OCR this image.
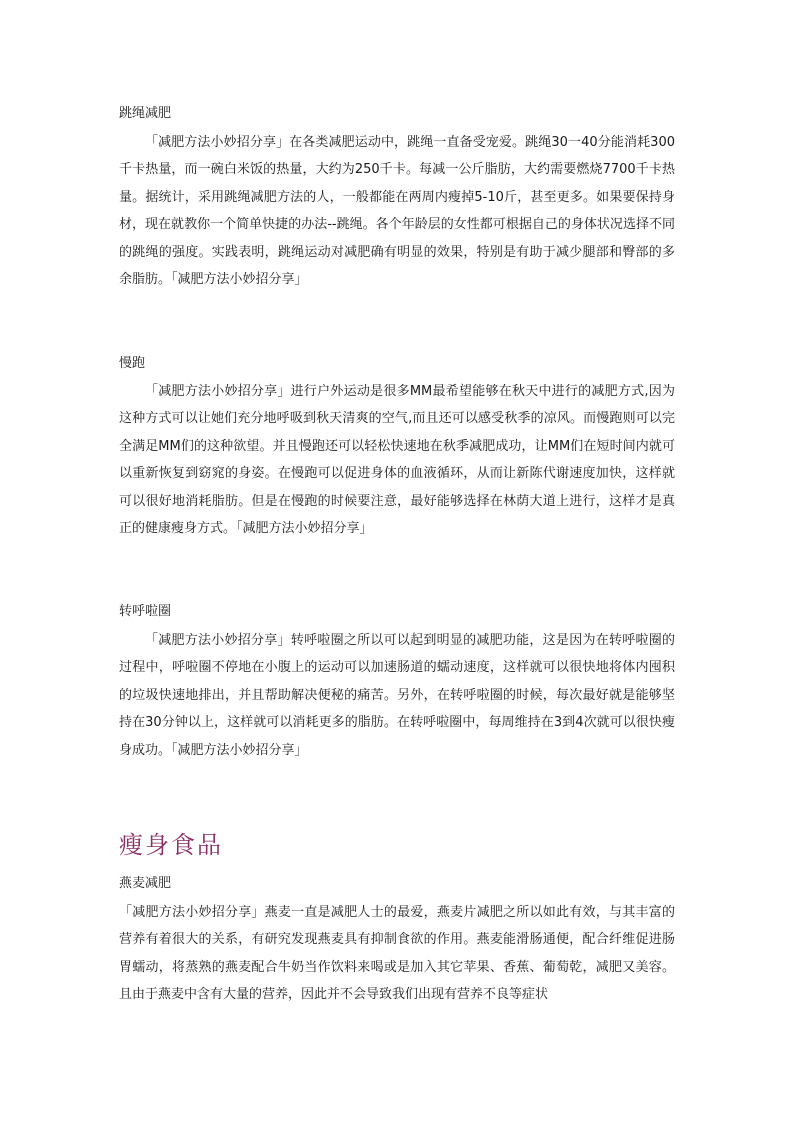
跳绳减肥

「减肥方法小妙招分享」在各类减肥运动中，跳绳一直备受宠爱。跳绳30一40分能消耗300千卡热量，而一碗白米饭的热量，大约为250千卡。每减一公斤脂肪，大约需要燃烧7700千卡热量。据统计，采用跳绳减肥方法的人，一般都能在两周内瘦掉5-10斤，甚至更多。如果要保持身材，现在就教你一个简单快捷的办法--跳绳。各个年龄层的女性都可根据自己的身体状况选择不同的跳绳的强度。实践表明，跳绳运动对减肥确有明显的效果，特别是有助于减少腿部和臀部的多余脂肪。「减肥方法小妙招分享」

慢跑

「减肥方法小妙招分享」进行户外运动是很多MM最希望能够在秋天中进行的减肥方式,因为这种方式可以让她们充分地呼吸到秋天清爽的空气,而且还可以感受秋季的凉风。而慢跑则可以完全满足MM们的这种欲望。并且慢跑还可以轻松快速地在秋季减肥成功，让MM们在短时间内就可以重新恢复到窈窕的身姿。在慢跑可以促进身体的血液循环，从而让新陈代谢速度加快，这样就可以很好地消耗脂肪。但是在慢跑的时候要注意，最好能够选择在林荫大道上进行，这样才是真正的健康瘦身方式。「减肥方法小妙招分享」

转呼啦圈

「减肥方法小妙招分享」转呼啦圈之所以可以起到明显的减肥功能，这是因为在转呼啦圈的过程中，呼啦圈不停地在小腹上的运动可以加速肠道的蠕动速度，这样就可以很快地将体内囤积的垃圾快速地排出，并且帮助解决便秘的痛苦。另外，在转呼啦圈的时候，每次最好就是能够坚持在30分钟以上，这样就可以消耗更多的脂肪。在转呼啦圈中，每周维持在3到4次就可以很快瘦身成功。「减肥方法小妙招分享」

瘦身食品
燕麦减肥

「减肥方法小妙招分享」燕麦一直是减肥人士的最爱，燕麦片减肥之所以如此有效，与其丰富的营养有着很大的关系，有研究发现燕麦具有抑制食欲的作用。燕麦能滑肠通便，配合纤维促进肠胃蠕动，将蒸熟的燕麦配合牛奶当作饮料来喝或是加入其它苹果、香蕉、葡萄乾，减肥又美容。且由于燕麦中含有大量的营养，因此并不会导致我们出现有营养不良等症状
